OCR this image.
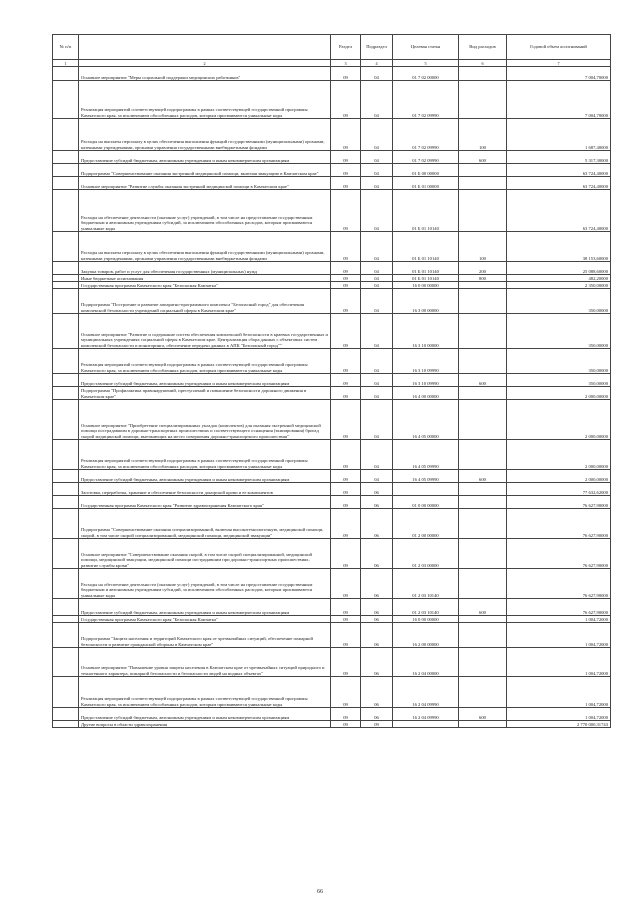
№ п/п		Раздел	Подраздел	Целевая статья	Вид расходов	Годовой объем ассигнований
1	2	3	4	5	6	7
	Основное мероприятие "Меры социальной поддержки медицинских работников"	09	04	01 7 02 00000		7 004,70000
	Реализация мероприятий соответствующей подпрограммы в рамках соответствующей государственной программы Камчатского края, за исключением обособленных расходов, которым присваиваются уникальные коды	09	04	01 7 02 09990		7 004,70000
	Расходы на выплаты персоналу в целях обеспечения выполнения функций государственными (муниципальными) органами, казенными учреждениями, органами управления государственными внебюджетными фондами	09	04	01 7 02 09990	100	1 687,40000
	Предоставление субсидий бюджетным, автономным учреждениям и иным некоммерческим организациям	09	04	01 7 02 09990	600	5 317,30000
	Подпрограмма "Совершенствование оказания экстренной медицинской помощи, включая эвакуацию в Камчатском крае"	09	04	01 Б 00 00000		63 724,40000
	Основное мероприятие "Развитие службы оказания экстренной медицинской помощи в Камчатском крае"	09	04	01 Б 01 00000		63 724,40000
	Расходы на обеспечение деятельности (оказание услуг) учреждений, в том числе на предоставление государственным бюджетным и автономным учреждениям субсидий, за исключением обособленных расходов, которым присваиваются уникальные коды	09	04	01 Б 01 10140		63 724,40000
	Расходы на выплаты персоналу в целях обеспечения выполнения функций государственными (муниципальными) органами, казенными учреждениями, органами управления государственными внебюджетными фондами	09	04	01 Б 01 10140	100	38 153,60000
	Закупка товаров, работ и услуг для обеспечения государственных (муниципальных) нужд	09	04	01 Б 01 10140	200	25 088,60000
	Иные бюджетные ассигнования	09	04	01 Б 01 10140	800	482,20000
	Государственная программа Камчатского края "Безопасная Камчатка"	09	04	16 0 00 00000		2 350,00000
	Подпрограмма "Построение и развитие аппаратно-программного комплекса "Безопасный город" для обеспечения комплексной безопасности учреждений социальной сферы в Камчатском крае"	09	04	16 3 00 00000		350,00000
	Основное мероприятие "Развитие и содержание систем обеспечения комплексной безопасности в краевых государственных и муниципальных учреждениях социальной сферы в Камчатском крае. Централизация сбора данных с объектовых систем комплексной безопасности и мониторинга, обеспечение передачи данных в АПК "Безопасный город""	09	04	16 3 10 00000		350,00000
	Реализация мероприятий соответствующей подпрограммы в рамках соответствующей государственной программы Камчатского края, за исключением обособленных расходов, которым присваиваются уникальные коды	09	04	16 3 10 09990		350,00000
	Предоставление субсидий бюджетным, автономным учреждениям и иным некоммерческим организациям	09	04	16 3 10 09990	600	350,00000
	Подпрограмма "Профилактика правонарушений, преступлений и повышение безопасности дорожного движения в Камчатском крае"	09	04	16 4 00 00000		2 000,00000
	Основное мероприятие "Приобретение специализированных укладок (комплектов) для оказания экстренной медицинской помощи пострадавшим в дорожно-транспортных происшествиях и соответствующего оснащения (экипирования) бригад скорой медицинской помощи, выезжающих на место совершения дорожно-транспортного происшествия"	09	04	16 4 05 00000		2 000,00000
	Реализация мероприятий соответствующей подпрограммы в рамках соответствующей государственной программы Камчатского края, за исключением обособленных расходов, которым присваиваются уникальные коды	09	04	16 4 05 09990		2 000,00000
	Предоставление субсидий бюджетным, автономным учреждениям и иным некоммерческим организациям	09	04	16 4 05 09990	600	2 000,00000
	Заготовка, переработка, хранение и обеспечение безопасности донорской крови и ее компонентов	09	06			77 632,62000
	Государственная программа Камчатского края "Развитие здравоохранения Камчатского края"	09	06	01 0 00 00000		76 627,90000
	Подпрограмма "Совершенствование оказания специализированной, включая высокотехнологичную, медицинской помощи, скорой, в том числе скорой специализированной, медицинской помощи, медицинской эвакуации"	09	06	01 2 00 00000		76 627,90000
	Основное мероприятие "Совершенствование оказания скорой, в том числе скорой специализированной, медицинской помощи, медицинской эвакуации, медицинской помощи пострадавшим при дорожно-транспортных происшествиях, развитие службы крови"	09	06	01 2 03 00000		76 627,90000
	Расходы на обеспечение деятельности (оказание услуг) учреждений, в том числе на предоставление государственным бюджетным и автономным учреждениям субсидий, за исключением обособленных расходов, которым присваиваются уникальные коды	09	06	01 2 03 10140		76 627,90000
	Предоставление субсидий бюджетным, автономным учреждениям и иным некоммерческим организациям	09	06	01 2 03 10140	600	76 627,90000
	Государственная программа Камчатского края "Безопасная Камчатка"	09	06	16 0 00 00000		1 004,72000
	Подпрограмма "Защита населения и территорий Камчатского края от чрезвычайных ситуаций, обеспечение пожарной безопасности и развитие гражданской обороны в Камчатском крае"	09	06	16 2 00 00000		1 004,72000
	Основное мероприятие "Повышение уровня защиты населения в Камчатском крае от чрезвычайных ситуаций природного и техногенного характера, пожарной безопасности и безопасности людей на водных объектах"	09	06	16 2 04 00000		1 004,72000
	Реализация мероприятий соответствующей подпрограммы в рамках соответствующей государственной программы Камчатского края, за исключением обособленных расходов, которым присваиваются уникальные коды	09	06	16 2 04 09990		1 004,72000
	Предоставление субсидий бюджетным, автономным учреждениям и иным некоммерческим организациям	09	06	16 2 04 09990	600	1 004,72000
	Другие вопросы в области здравоохранения	09	09			2 770 000,31743
66
